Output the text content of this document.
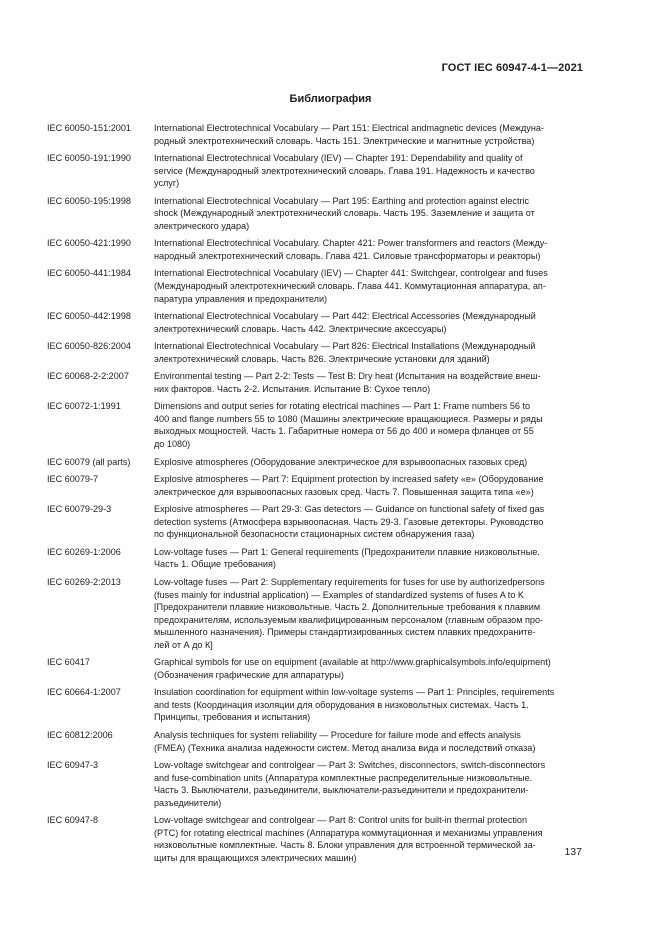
ГОСТ IEC 60947-4-1—2021
Библиография
IEC 60050-151:2001	International Electrotechnical Vocabulary — Part 151: Electrical andmagnetic devices (Междуна-
родный электротехнический словарь. Часть 151. Электрические и магнитные устройства)
IEC 60050-191:1990	International Electrotechnical Vocabulary (IEV) — Chapter 191: Dependability and quality of
service (Международный электротехнический словарь. Глава 191. Надежность и качество
услуг)
IEC 60050-195:1998	International Electrotechnical Vocabulary — Part 195: Earthing and protection against electric
shock (Международный электротехнический словарь. Часть 195. Заземление и защита от
электрического удара)
IEC 60050-421:1990	International Electrotechnical Vocabulary. Chapter 421: Power transformers and reactors (Между-
народный электротехнический словарь. Глава 421. Силовые трансформаторы и реакторы)
IEC 60050-441:1984	International Electrotechnical Vocabulary (IEV) — Chapter 441: Switchgear, controlgear and fuses
(Международный электротехнический словарь. Глава 441. Коммутационная аппаратура, ап-
паратура управления и предохранители)
IEC 60050-442:1998	International Electrotechnical Vocabulary — Part 442: Electrical Accessories (Международный
электротехнический словарь. Часть 442. Электрические аксессуары)
IEC 60050-826:2004	International Electrotechnical Vocabulary — Part 826: Electrical Installations (Международный
электротехнический словарь. Часть 826. Электрические установки для зданий)
IEC 60068-2-2:2007	Environmental testing — Part 2-2: Tests — Test B: Dry heat (Испытания на воздействие внеш-
них факторов. Часть 2-2. Испытания. Испытание B: Сухое тепло)
IEC 60072-1:1991	Dimensions and output series for rotating electrical machines — Part 1: Frame numbers 56 to
400 and flange numbers 55 to 1080 (Машины электрические вращающиеся. Размеры и ряды
выходных мощностей. Часть 1. Габаритные номера от 56 до 400 и номера фланцев от 55
до 1080)
IEC 60079 (all parts)	Explosive atmospheres (Оборудование электрическое для взрывоопасных газовых сред)
IEC 60079-7	Explosive atmospheres — Part 7: Equipment protection by increased safety «e» (Оборудование
электрическое для взрывоопасных газовых сред. Часть 7. Повышенная защита типа «e»)
IEC 60079-29-3	Explosive atmospheres — Part 29-3: Gas detectors — Guidance on functional safety of fixed gas
detection systems (Атмосфера взрывоопасная. Часть 29-3. Газовые детекторы. Руководство
по функциональной безопасности стационарных систем обнаружения газа)
IEC 60269-1:2006	Low-voltage fuses — Part 1: General requirements (Предохранители плавкие низковольтные.
Часть 1. Общие требования)
IEC 60269-2:2013	Low-voltage fuses — Part 2: Supplementary requirements for fuses for use by authorizedpersons
(fuses mainly for industrial application) — Examples of standardized systems of fuses A to K
[Предохранители плавкие низковольтные. Часть 2. Дополнительные требования к плавким
предохранителям, используемым квалифицированным персоналом (главным образом про-
мышленного назначения). Примеры стандартизированных систем плавких предохраните-
лей от А до К]
IEC 60417	Graphical symbols for use on equipment (available at http://www.graphicalsymbols.info/equipment)
(Обозначения графические для аппаратуры)
IEC 60664-1:2007	Insulation coordination for equipment within low-voltage systems — Part 1: Principles, requirements
and tests (Координация изоляции для оборудования в низковольтных системах. Часть 1.
Принципы, требования и испытания)
IEC 60812:2006	Analysis techniques for system reliability — Procedure for failure mode and effects analysis
(FMEA) (Техника анализа надежности систем. Метод анализа вида и последствий отказа)
IEC 60947-3	Low-voltage switchgear and controlgear — Part 3: Switches, disconnectors, switch-disconnectors
and fuse-combination units (Аппаратура комплектные распределительные низковольтные.
Часть 3. Выключатели, разъединители, выключатели-разъединители и предохранители-
разъединители)
IEC 60947-8	Low-voltage switchgear and controlgear — Part 8: Control units for built-in thermal protection
(PTC) for rotating electrical machines (Аппаратура коммутационная и механизмы управления
низковольтные комплектные. Часть 8. Блоки управления для встроенной термической за-
щиты для вращающихся электрических машин)	137
